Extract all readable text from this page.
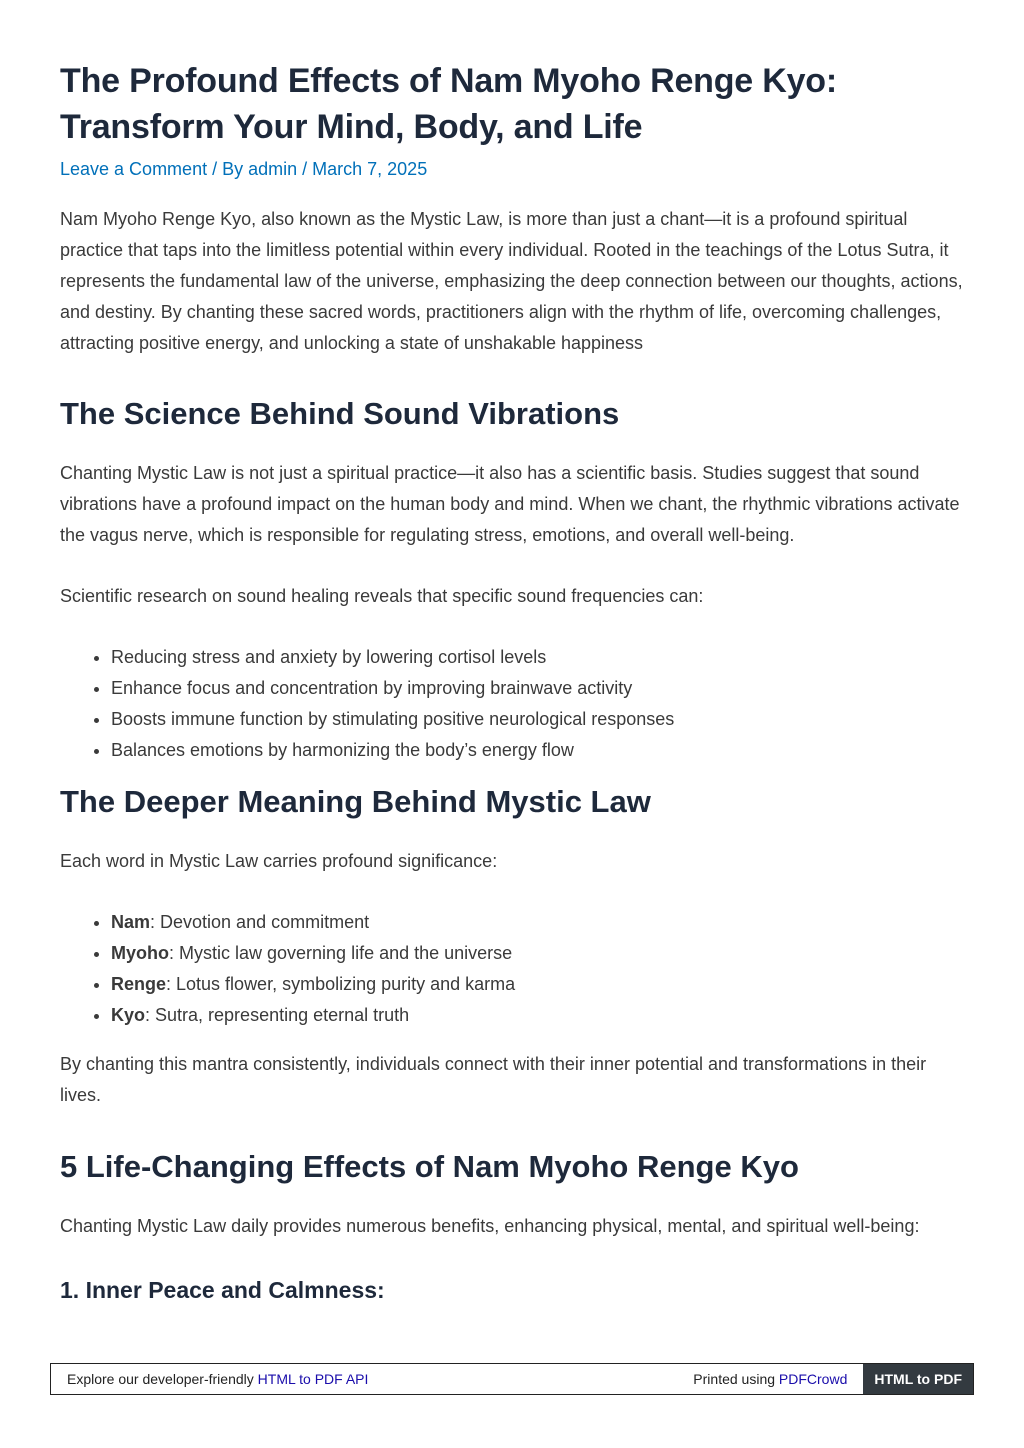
The Profound Effects of Nam Myoho Renge Kyo: Transform Your Mind, Body, and Life
Leave a Comment / By admin / March 7, 2025

Nam Myoho Renge Kyo, also known as the Mystic Law, is more than just a chant—it is a profound spiritual practice that taps into the limitless potential within every individual. Rooted in the teachings of the Lotus Sutra, it represents the fundamental law of the universe, emphasizing the deep connection between our thoughts, actions, and destiny. By chanting these sacred words, practitioners align with the rhythm of life, overcoming challenges, attracting positive energy, and unlocking a state of unshakable happiness

The Science Behind Sound Vibrations

Chanting Mystic Law is not just a spiritual practice—it also has a scientific basis. Studies suggest that sound vibrations have a profound impact on the human body and mind. When we chant, the rhythmic vibrations activate the vagus nerve, which is responsible for regulating stress, emotions, and overall well-being.

Scientific research on sound healing reveals that specific sound frequencies can:

• Reducing stress and anxiety by lowering cortisol levels
• Enhance focus and concentration by improving brainwave activity
• Boosts immune function by stimulating positive neurological responses
• Balances emotions by harmonizing the body’s energy flow
The Deeper Meaning Behind Mystic Law

Each word in Mystic Law carries profound significance:

• Nam: Devotion and commitment
• Myoho: Mystic law governing life and the universe
• Renge: Lotus flower, symbolizing purity and karma
• Kyo: Sutra, representing eternal truth

By chanting this mantra consistently, individuals connect with their inner potential and transformations in their lives.

5 Life-Changing Effects of Nam Myoho Renge Kyo

Chanting Mystic Law daily provides numerous benefits, enhancing physical, mental, and spiritual well-being:

1. Inner Peace and Calmness:
Explore our developer-friendly HTML to PDF API	Printed using PDFCrowd	HTML to PDF
